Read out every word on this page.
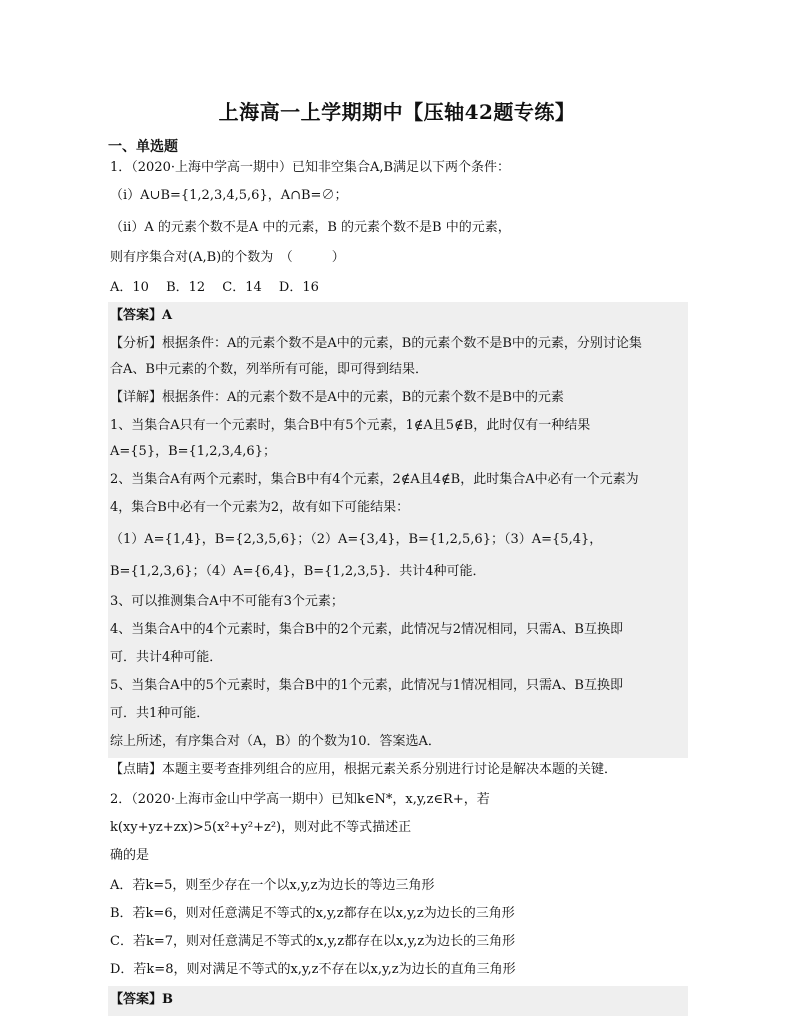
上海高一上学期期中【压轴42题专练】
一、单选题
1．（2020·上海中学高一期中）已知非空集合A,B满足以下两个条件：
（ⅰ）A∪B={1,2,3,4,5,6}，A∩B=∅；
（ⅱ）A 的元素个数不是A 中的元素，B 的元素个数不是B 中的元素，
则有序集合对(A,B)的个数为　（　　　）
A．10　 B．12　 C．14　 D．16
【答案】A
【分析】根据条件：A的元素个数不是A中的元素，B的元素个数不是B中的元素，分别讨论集
合A、B中元素的个数，列举所有可能，即可得到结果．
【详解】根据条件：A的元素个数不是A中的元素，B的元素个数不是B中的元素
1、当集合A只有一个元素时，集合B中有5个元素，1∉A且5∉B，此时仅有一种结果
A={5}，B={1,2,3,4,6}；
2、当集合A有两个元素时，集合B中有4个元素，2∉A且4∉B，此时集合A中必有一个元素为
4，集合B中必有一个元素为2，故有如下可能结果：
（1）A={1,4}，B={2,3,5,6}；（2）A={3,4}，B={1,2,5,6}；（3）A={5,4}，
B={1,2,3,6}；（4）A={6,4}，B={1,2,3,5}．共计4种可能．
3、可以推测集合A中不可能有3个元素；
4、当集合A中的4个元素时，集合B中的2个元素，此情况与2情况相同，只需A、B互换即
可．共计4种可能．
5、当集合A中的5个元素时，集合B中的1个元素，此情况与1情况相同，只需A、B互换即
可．共1种可能．
综上所述，有序集合对（A，B）的个数为10．答案选A．
【点睛】本题主要考查排列组合的应用，根据元素关系分别进行讨论是解决本题的关键．
2．（2020·上海市金山中学高一期中）已知k∈N*，x,y,z∈R+，若
k(xy+yz+zx)>5(x²+y²+z²)，则对此不等式描述正
确的是
A．若k=5，则至少存在一个以x,y,z为边长的等边三角形
B．若k=6，则对任意满足不等式的x,y,z都存在以x,y,z为边长的三角形
C．若k=7，则对任意满足不等式的x,y,z都存在以x,y,z为边长的三角形
D．若k=8，则对满足不等式的x,y,z不存在以x,y,z为边长的直角三角形
【答案】B
